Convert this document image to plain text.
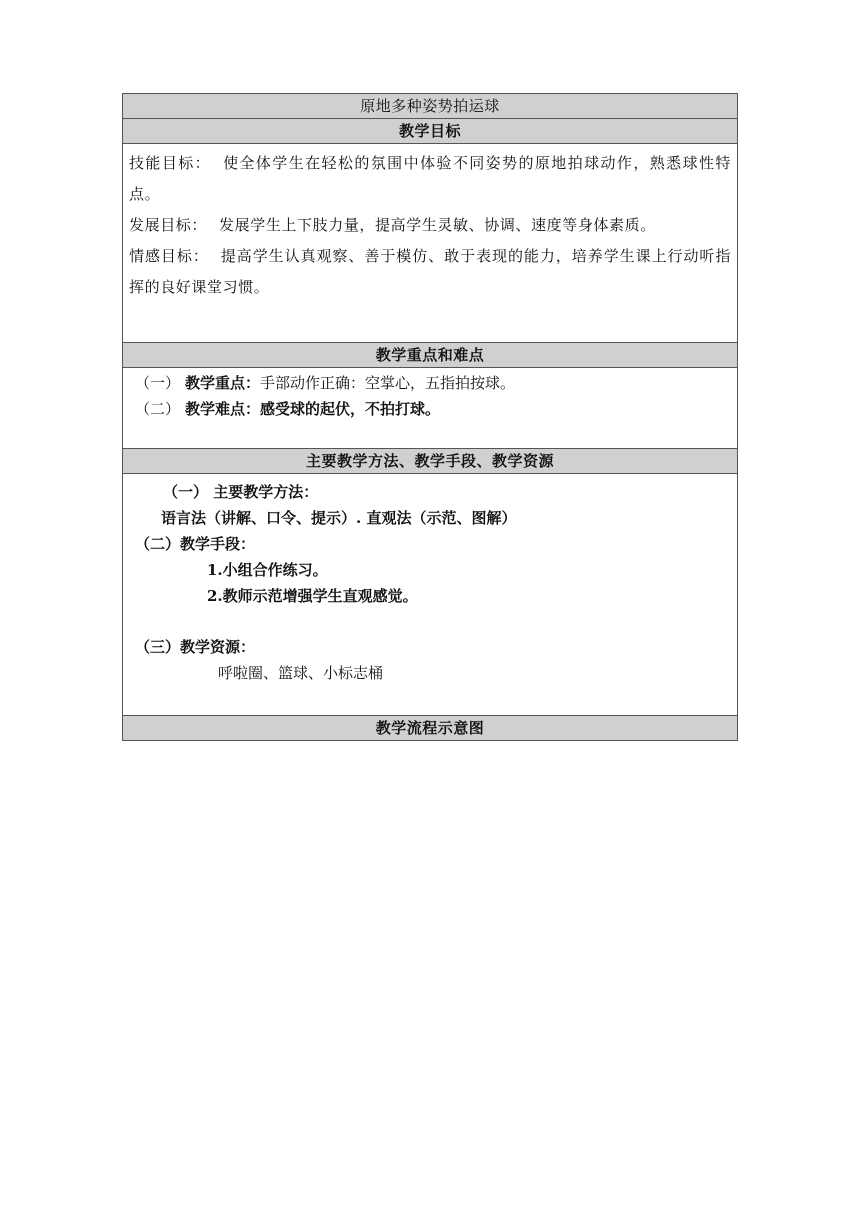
原地多种姿势拍运球
教学目标

技能目标： 使全体学生在轻松的氛围中体验不同姿势的原地拍球动作，熟悉球性特点。
发展目标： 发展学生上下肢力量，提高学生灵敏、协调、速度等身体素质。
情感目标： 提高学生认真观察、善于模仿、敢于表现的能力，培养学生课上行动听指挥的良好课堂习惯。

教学重点和难点

（一） 教学重点：手部动作正确：空掌心，五指拍按球。
（二） 教学难点：感受球的起伏，不拍打球。

主要教学方法、教学手段、教学资源

（一） 主要教学方法：
语言法（讲解、口令、提示）. 直观法（示范、图解）
（二）教学手段：
1.小组合作练习。
2.教师示范增强学生直观感觉。
（三）教学资源：
呼啦圈、篮球、小标志桶

教学流程示意图
